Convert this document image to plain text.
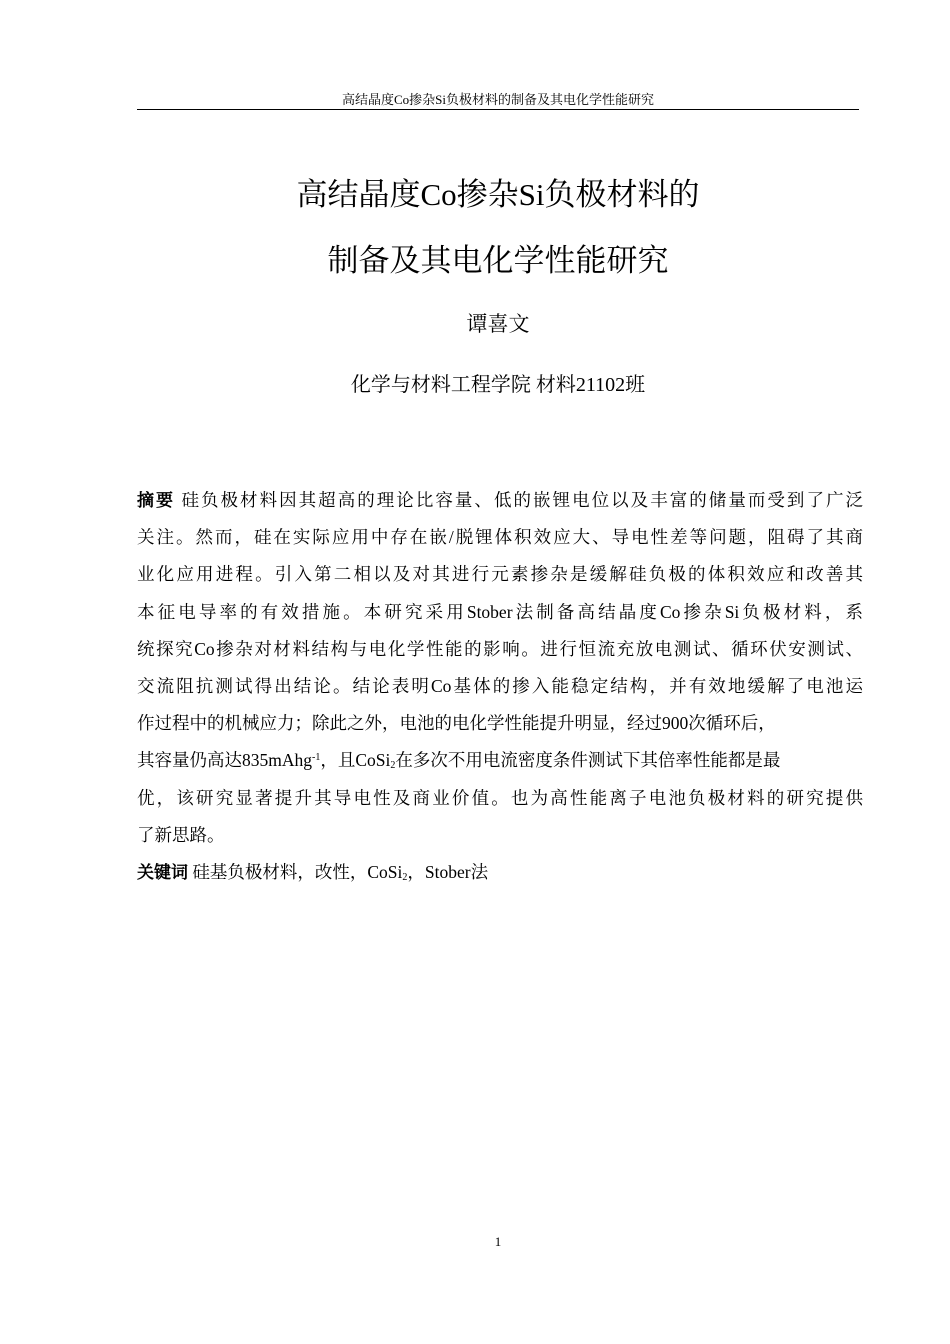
高结晶度Co掺杂Si负极材料的制备及其电化学性能研究
高结晶度Co掺杂Si负极材料的
制备及其电化学性能研究
谭喜文
化学与材料工程学院 材料21102班
摘要 硅负极材料因其超高的理论比容量、低的嵌锂电位以及丰富的储量而受到了广泛
关注。然而，硅在实际应用中存在嵌/脱锂体积效应大、导电性差等问题，阻碍了其商
业化应用进程。引入第二相以及对其进行元素掺杂是缓解硅负极的体积效应和改善其
本征电导率的有效措施。本研究采用Stober法制备高结晶度Co掺杂Si负极材料，系
统探究Co掺杂对材料结构与电化学性能的影响。进行恒流充放电测试、循环伏安测试、
交流阻抗测试得出结论。结论表明Co基体的掺入能稳定结构，并有效地缓解了电池运
作过程中的机械应力；除此之外，电池的电化学性能提升明显，经过900次循环后，
其容量仍高达835mAhg$^{-1}$，且CoSi$_2$在多次不用电流密度条件测试下其倍率性能都是最
优，该研究显著提升其导电性及商业价值。也为高性能离子电池负极材料的研究提供
了新思路。
关键词 硅基负极材料，改性，CoSi$_2$，Stober法
1
